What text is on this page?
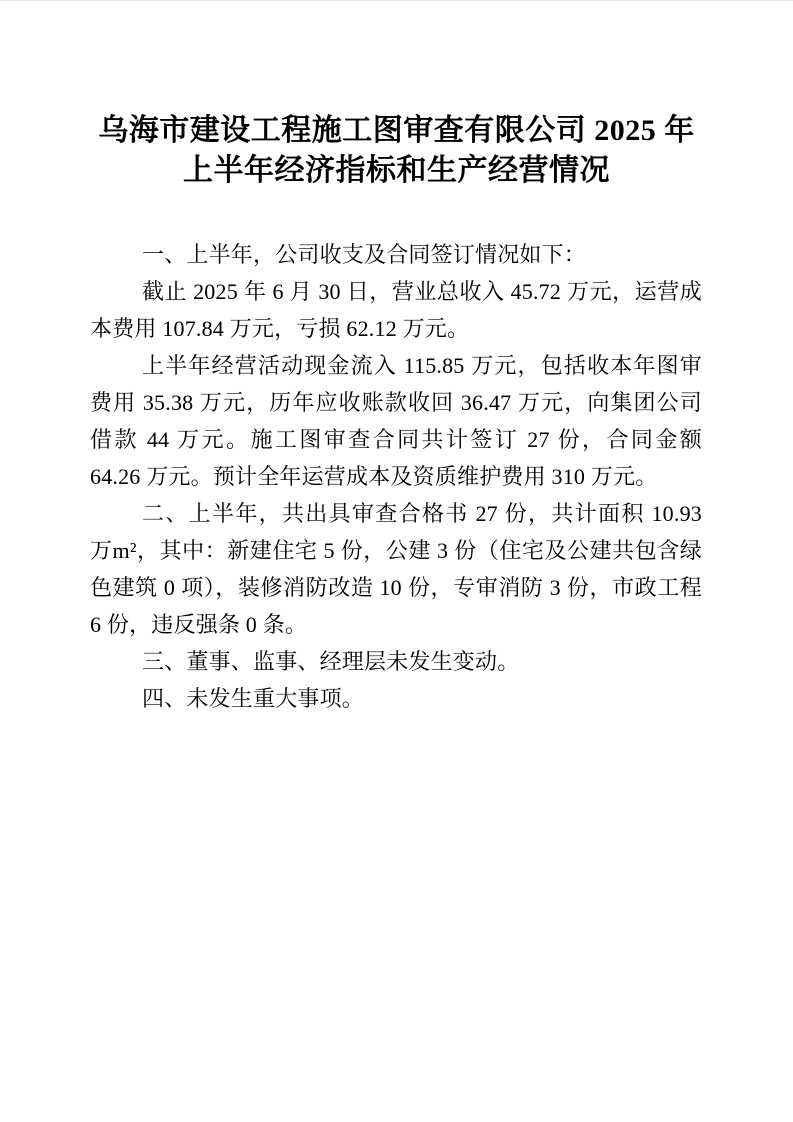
乌海市建设工程施工图审查有限公司 2025 年
上半年经济指标和生产经营情况

一、上半年，公司收支及合同签订情况如下：

截止 2025 年 6 月 30 日，营业总收入 45.72 万元，运营成本费用 107.84 万元，亏损 62.12 万元。

上半年经营活动现金流入 115.85 万元，包括收本年图审费用 35.38 万元，历年应收账款收回 36.47 万元，向集团公司借款 44 万元。施工图审查合同共计签订 27 份，合同金额 64.26 万元。预计全年运营成本及资质维护费用 310 万元。

二、上半年，共出具审查合格书 27 份，共计面积 10.93 万m²，其中：新建住宅 5 份，公建 3 份（住宅及公建共包含绿色建筑 0 项），装修消防改造 10 份，专审消防 3 份，市政工程 6 份，违反强条 0 条。

三、董事、监事、经理层未发生变动。

四、未发生重大事项。
